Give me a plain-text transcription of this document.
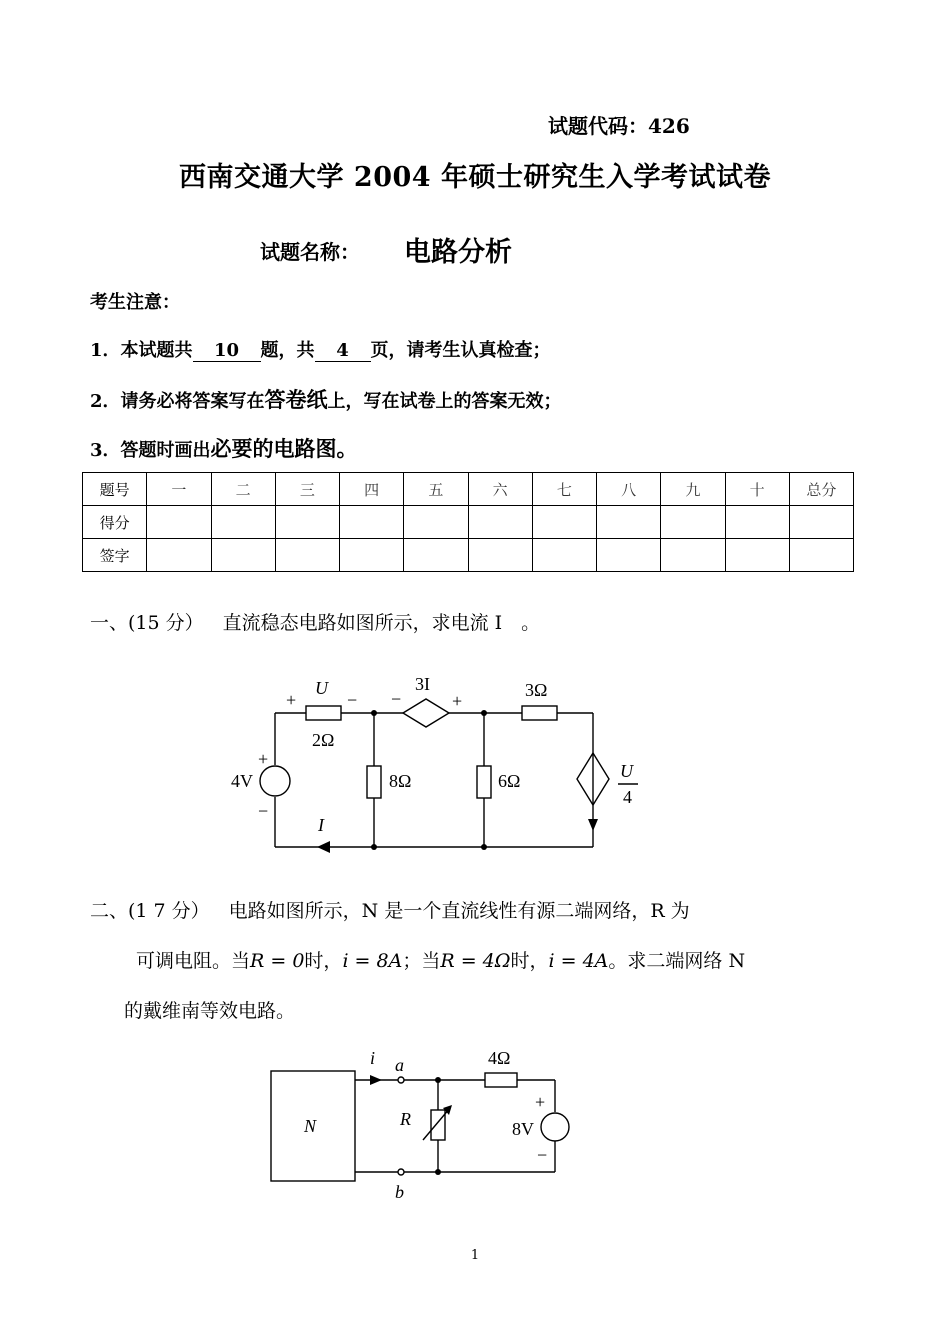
试题代码：426
西南交通大学 2004 年硕士研究生入学考试试卷
试题名称： 电路分析
考生注意：
1．本试题共 10 题，共 4 页，请考生认真检查；
2．请务必将答案写在答卷纸上，写在试卷上的答案无效；
3．答题时画出必要的电路图。
题号	一	二	三	四	五	六	七	八	九	十	总分
得分											
签字											
一、(15 分）  直流稳态电路如图所示，求电流 I　。
二、(1 7 分）  电路如图所示，N 是一个直流线性有源二端网络，R 为
可调电阻。当R = 0时，i = 8A；当R = 4Ω时，i = 4A。求二端网络 N
的戴维南等效电路。
+
U
−
2Ω
−
3I
+
3Ω
+
4V
−
8Ω	6Ω
I
U
4
N
i a
b
R
4Ω
8V
+
−
1
